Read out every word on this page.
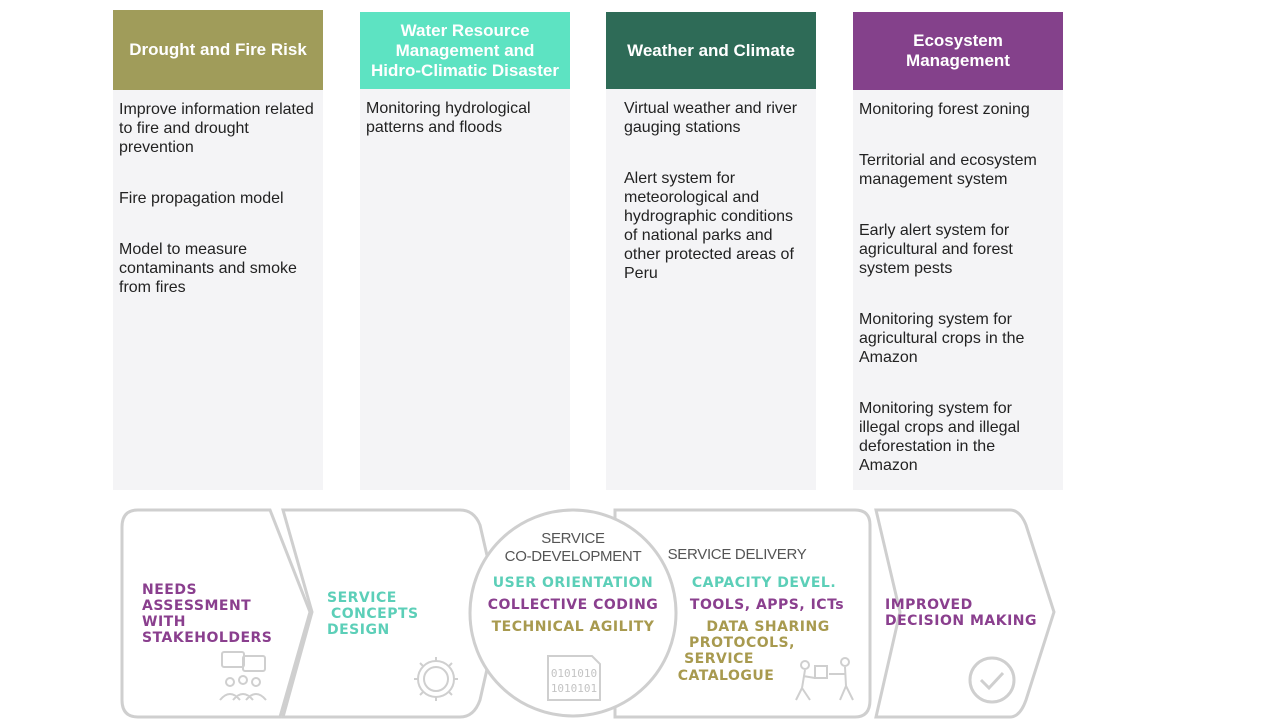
Drought and Fire Risk
Improve information related to fire and drought prevention
Fire propagation model
Model to measure contaminants and smoke from fires
Water Resource Management and Hidro-Climatic Disaster
Monitoring hydrological patterns and floods
Weather and Climate
Virtual weather and river gauging stations
Alert system for meteorological and hydrographic conditions of national parks and other protected areas of Peru
Ecosystem Management
Monitoring forest zoning
Territorial and ecosystem management system
Early alert system for agricultural and forest system pests
Monitoring system for agricultural crops in the Amazon
Monitoring system for illegal crops and illegal deforestation in the Amazon
NEEDS
ASSESSMENT
WITH
STAKEHOLDERS
SERVICE
CONCEPTS
DESIGN
SERVICE
CO-DEVELOPMENT
USER ORIENTATION
COLLECTIVE CODING
TECHNICAL AGILITY
0101010
1010101
SERVICE DELIVERY
CAPACITY DEVEL.
TOOLS, APPS, ICTs
DATA SHARING
PROTOCOLS,
SERVICE
CATALOGUE
IMPROVED
DECISION MAKING
